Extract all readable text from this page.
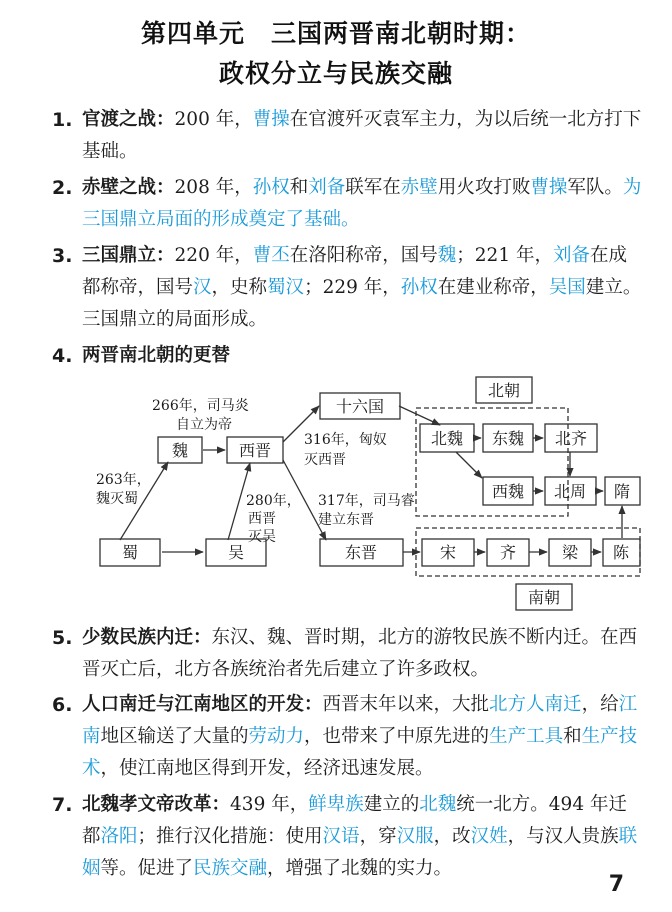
第四单元 三国两晋南北朝时期：
政权分立与民族交融
1. 官渡之战：200 年，曹操在官渡歼灭袁军主力，为以后统一北方打下基础。
2. 赤壁之战：208 年，孙权和刘备联军在赤壁用火攻打败曹操军队。为三国鼎立局面的形成奠定了基础。
3. 三国鼎立：220 年，曹丕在洛阳称帝，国号魏；221 年，刘备在成都称帝，国号汉，史称蜀汉；229 年，孙权在建业称帝，吴国建立。三国鼎立的局面形成。
4. 两晋南北朝的更替
魏	西晋
蜀	吴
十六国
北魏 东魏 北齐
西魏 北周 隋
东晋	宋	齐	梁 陈
北朝
南朝
266年，司马炎
自立为帝
263年，
魏灭蜀
316年，匈奴
灭西晋
280年，
西晋
灭吴
317年，司马睿
建立东晋
5. 少数民族内迁：东汉、魏、晋时期，北方的游牧民族不断内迁。在西晋灭亡后，北方各族统治者先后建立了许多政权。
6. 人口南迁与江南地区的开发：西晋末年以来，大批北方人南迁，给江南地区输送了大量的劳动力，也带来了中原先进的生产工具和生产技术，使江南地区得到开发，经济迅速发展。
7. 北魏孝文帝改革：439 年，鲜卑族建立的北魏统一北方。494 年迁都洛阳；推行汉化措施：使用汉语，穿汉服，改汉姓，与汉人贵族联姻等。促进了民族交融，增强了北魏的实力。
7
